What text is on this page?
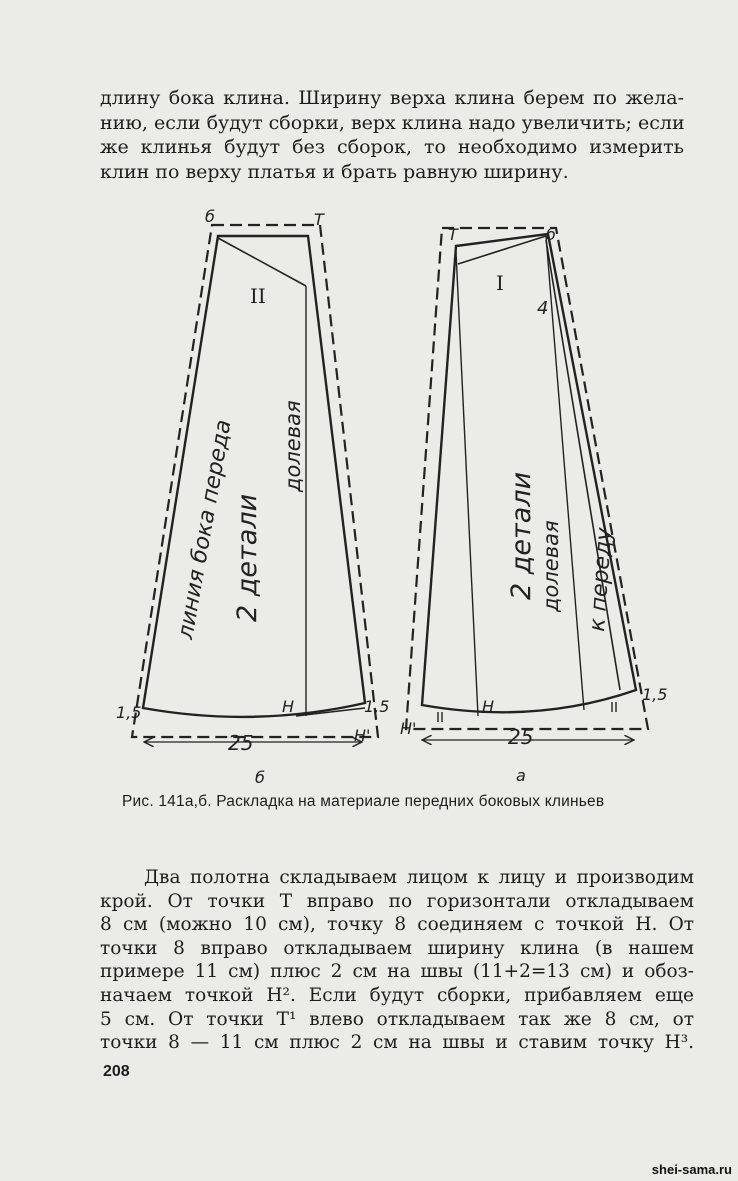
длину бока клина. Ширину верха клина берем по жела-
нию, если будут сборки, верх клина надо увеличить; если
же клинья будут без сборок, то необходимо измерить
клин по верху платья и брать равную ширину.
б	Т
II
долевая
линия бока переда
2 детали
Н
Н'
1,5	1,5
25
б
Т	б
I
4
2 детали долевая к переду
Н
Н'
1,5
25
а

Рис. 141а,б. Раскладка на материале передних боковых клиньев

Два полотна складываем лицом к лицу и производим
крой. От точки Т вправо по горизонтали откладываем
8 см (можно 10 см), точку 8 соединяем с точкой Н. От
точки 8 вправо откладываем ширину клина (в нашем
примере 11 см) плюс 2 см на швы (11+2=13 см) и обоз-
начаем точкой Н². Если будут сборки, прибавляем еще
5 см. От точки Т¹ влево откладываем так же 8 см, от
точки 8 — 11 см плюс 2 см на швы и ставим точку Н³.

208

shei-sama.ru
